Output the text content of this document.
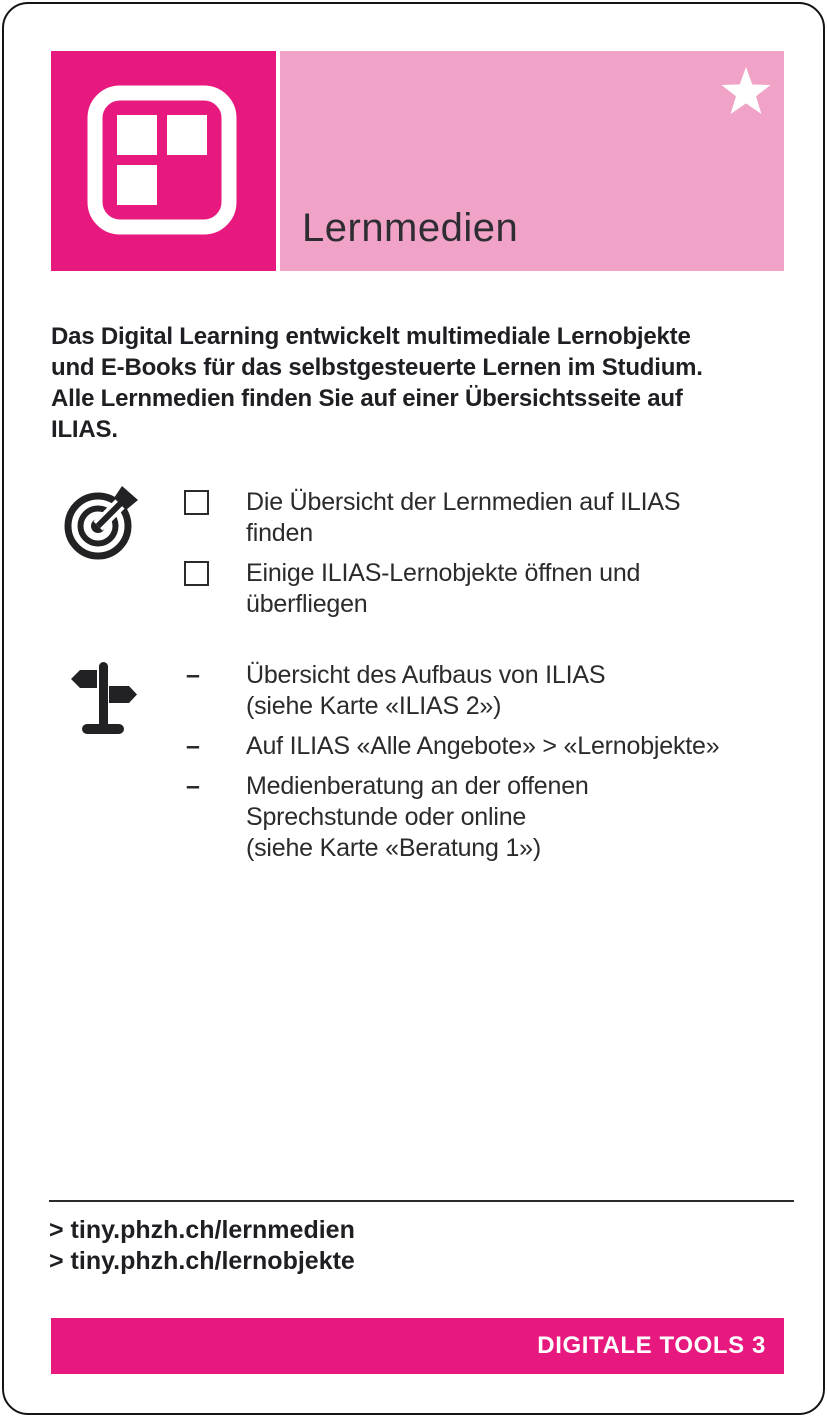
Lernmedien
Das Digital Learning entwickelt multimediale Lernobjekte
und E-Books für das selbstgesteuerte Lernen im Studium.
Alle Lernmedien finden Sie auf einer Übersichtsseite auf
ILIAS.
Die Übersicht der Lernmedien auf ILIAS
finden
Einige ILIAS-Lernobjekte öffnen und
überfliegen
–	Übersicht des Aufbaus von ILIAS
(siehe Karte «ILIAS 2»)
–	Auf ILIAS «Alle Angebote» > «Lernobjekte»
–	Medienberatung an der offenen
Sprechstunde oder online
(siehe Karte «Beratung 1»)
> tiny.phzh.ch/lernmedien
> tiny.phzh.ch/lernobjekte
DIGITALE TOOLS 3
